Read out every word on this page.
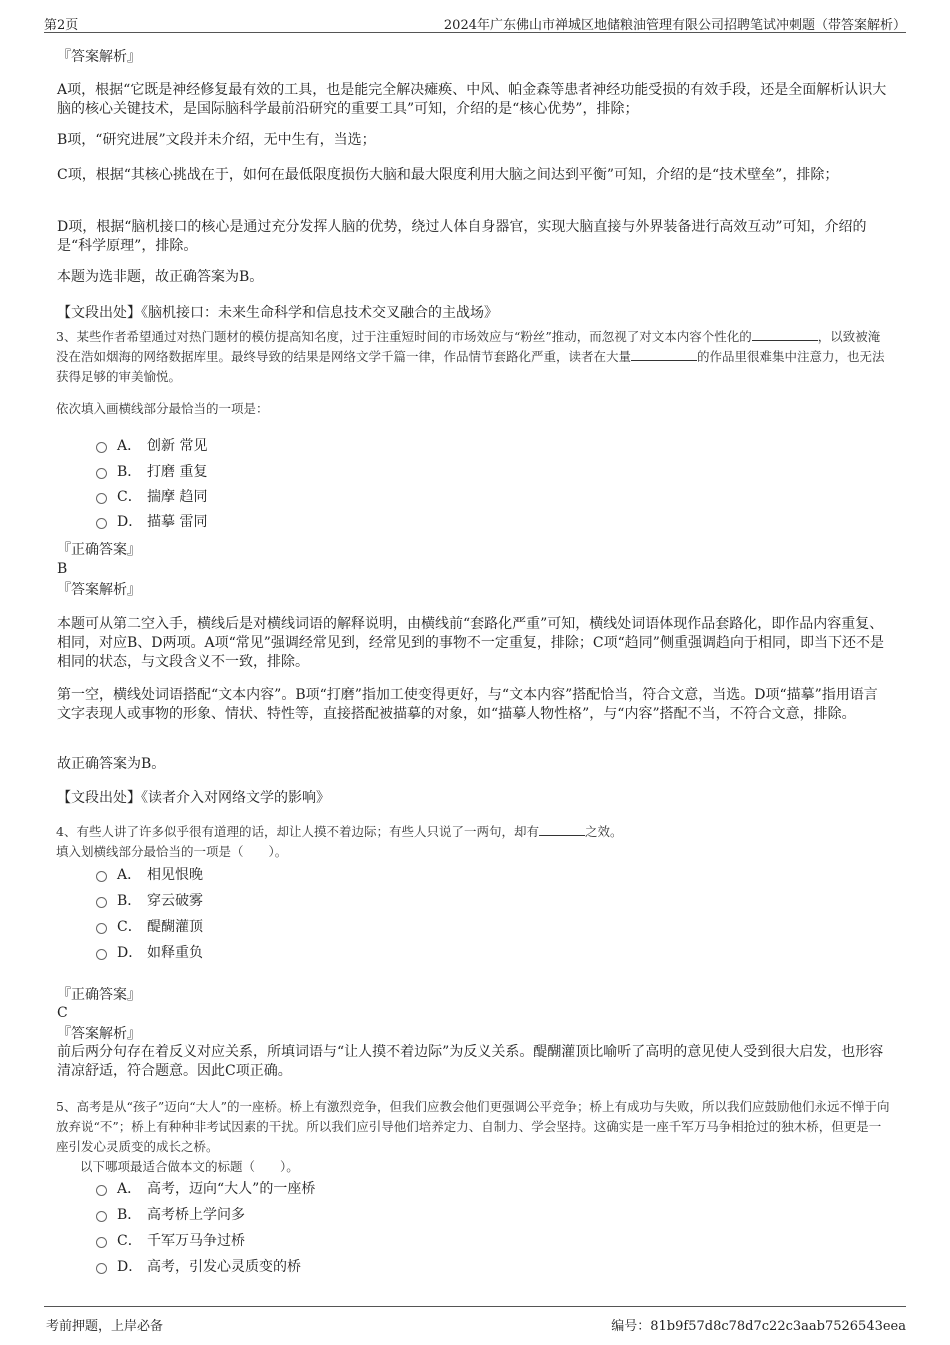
第2页	2024年广东佛山市禅城区地储粮油管理有限公司招聘笔试冲刺题（带答案解析）
『答案解析』
A项，根据“它既是神经修复最有效的工具，也是能完全解决瘫痪、中风、帕金森等患者神经功能受损的有效手段，还是全面解析认识大脑的核心关键技术，是国际脑科学最前沿研究的重要工具”可知，介绍的是“核心优势”，排除；
B项，“研究进展”文段并未介绍，无中生有，当选；
C项，根据“其核心挑战在于，如何在最低限度损伤大脑和最大限度利用大脑之间达到平衡”可知，介绍的是“技术壁垒”，排除；
D项，根据“脑机接口的核心是通过充分发挥人脑的优势，绕过人体自身器官，实现大脑直接与外界装备进行高效互动”可知，介绍的是“科学原理”，排除。
本题为选非题，故正确答案为B。
【文段出处】《脑机接口：未来生命科学和信息技术交叉融合的主战场》
3、某些作者希望通过对热门题材的模仿提高知名度，过于注重短时间的市场效应与“粉丝”推动，而忽视了对文本内容个性化的	，以致被淹没在浩如烟海的网络数据库里。最终导致的结果是网络文学千篇一律，作品情节套路化严重，读者在大量	的作品里很难集中注意力，也无法获得足够的审美愉悦。
依次填入画横线部分最恰当的一项是：
A． 创新 常见
B． 打磨 重复
C． 揣摩 趋同
D． 描摹 雷同
『正确答案』
B
『答案解析』
本题可从第二空入手，横线后是对横线词语的解释说明，由横线前“套路化严重”可知，横线处词语体现作品套路化，即作品内容重复、相同，对应B、D两项。A项“常见”强调经常见到，经常见到的事物不一定重复，排除；C项“趋同”侧重强调趋向于相同，即当下还不是相同的状态，与文段含义不一致，排除。
第一空，横线处词语搭配“文本内容”。B项“打磨”指加工使变得更好，与“文本内容”搭配恰当，符合文意，当选。D项“描摹”指用语言文字表现人或事物的形象、情状、特性等，直接搭配被描摹的对象，如“描摹人物性格”，与“内容”搭配不当，不符合文意，排除。
故正确答案为B。
【文段出处】《读者介入对网络文学的影响》
4、有些人讲了许多似乎很有道理的话，却让人摸不着边际；有些人只说了一两句，却有	之效。
填入划横线部分最恰当的一项是（　　）。
A． 相见恨晚
B． 穿云破雾
C． 醍醐灌顶
D． 如释重负
『正确答案』
C
『答案解析』
前后两分句存在着反义对应关系，所填词语与“让人摸不着边际”为反义关系。醍醐灌顶比喻听了高明的意见使人受到很大启发，也形容清凉舒适，符合题意。因此C项正确。
5、高考是从“孩子”迈向“大人”的一座桥。桥上有激烈竞争，但我们应教会他们更强调公平竞争；桥上有成功与失败，所以我们应鼓励他们永远不惮于向放弃说“不”；桥上有种种非考试因素的干扰。所以我们应引导他们培养定力、自制力、学会坚持。这确实是一座千军万马争相抢过的独木桥，但更是一座引发心灵质变的成长之桥。
以下哪项最适合做本文的标题（　　）。
A． 高考，迈向“大人”的一座桥
B． 高考桥上学问多
C． 千军万马争过桥
D． 高考，引发心灵质变的桥
考前押题，上岸必备	编号：81b9f57d8c78d7c22c3aab7526543eea
